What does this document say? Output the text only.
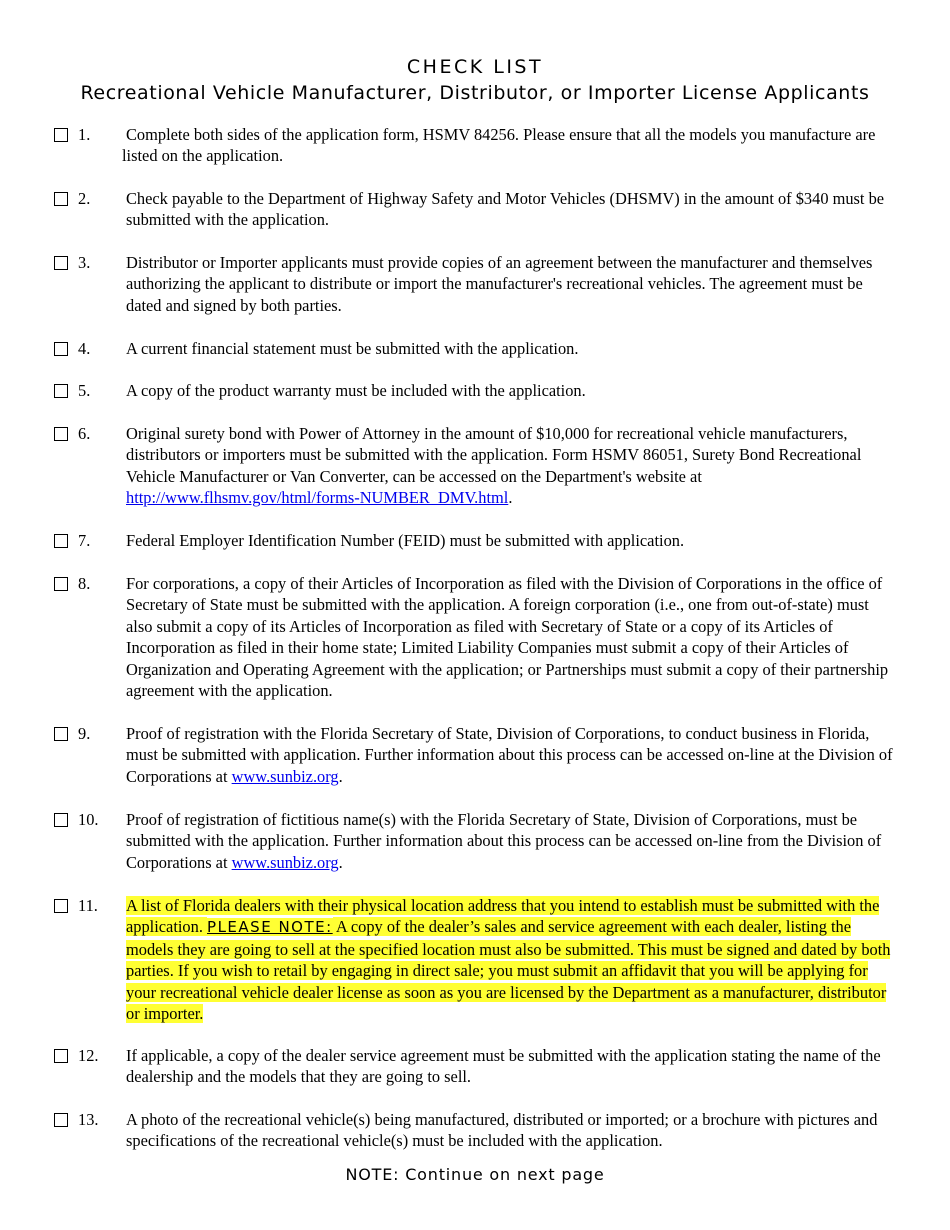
CHECK LIST
Recreational Vehicle Manufacturer, Distributor, or Importer License Applicants
1. Complete both sides of the application form, HSMV 84256. Please ensure that all the models you manufacture are listed on the application.
2. Check payable to the Department of Highway Safety and Motor Vehicles (DHSMV) in the amount of $340 must be submitted with the application.
3. Distributor or Importer applicants must provide copies of an agreement between the manufacturer and themselves authorizing the applicant to distribute or import the manufacturer's recreational vehicles. The agreement must be dated and signed by both parties.
4. A current financial statement must be submitted with the application.
5. A copy of the product warranty must be included with the application.
6. Original surety bond with Power of Attorney in the amount of $10,000 for recreational vehicle manufacturers, distributors or importers must be submitted with the application. Form HSMV 86051, Surety Bond Recreational Vehicle Manufacturer or Van Converter, can be accessed on the Department's website at http://www.flhsmv.gov/html/forms-NUMBER_DMV.html.
7. Federal Employer Identification Number (FEID) must be submitted with application.
8. For corporations, a copy of their Articles of Incorporation as filed with the Division of Corporations in the office of Secretary of State must be submitted with the application. A foreign corporation (i.e., one from out-of-state) must also submit a copy of its Articles of Incorporation as filed with Secretary of State or a copy of its Articles of Incorporation as filed in their home state; Limited Liability Companies must submit a copy of their Articles of Organization and Operating Agreement with the application; or Partnerships must submit a copy of their partnership agreement with the application.
9. Proof of registration with the Florida Secretary of State, Division of Corporations, to conduct business in Florida, must be submitted with application. Further information about this process can be accessed on-line at the Division of Corporations at www.sunbiz.org.
10. Proof of registration of fictitious name(s) with the Florida Secretary of State, Division of Corporations, must be submitted with the application. Further information about this process can be accessed on-line from the Division of Corporations at www.sunbiz.org.
11. A list of Florida dealers with their physical location address that you intend to establish must be submitted with the application. PLEASE NOTE: A copy of the dealer’s sales and service agreement with each dealer, listing the models they are going to sell at the specified location must also be submitted. This must be signed and dated by both parties. If you wish to retail by engaging in direct sale; you must submit an affidavit that you will be applying for your recreational vehicle dealer license as soon as you are licensed by the Department as a manufacturer, distributor or importer.
12. If applicable, a copy of the dealer service agreement must be submitted with the application stating the name of the dealership and the models that they are going to sell.
13. A photo of the recreational vehicle(s) being manufactured, distributed or imported; or a brochure with pictures and specifications of the recreational vehicle(s) must be included with the application.
NOTE: Continue on next page
